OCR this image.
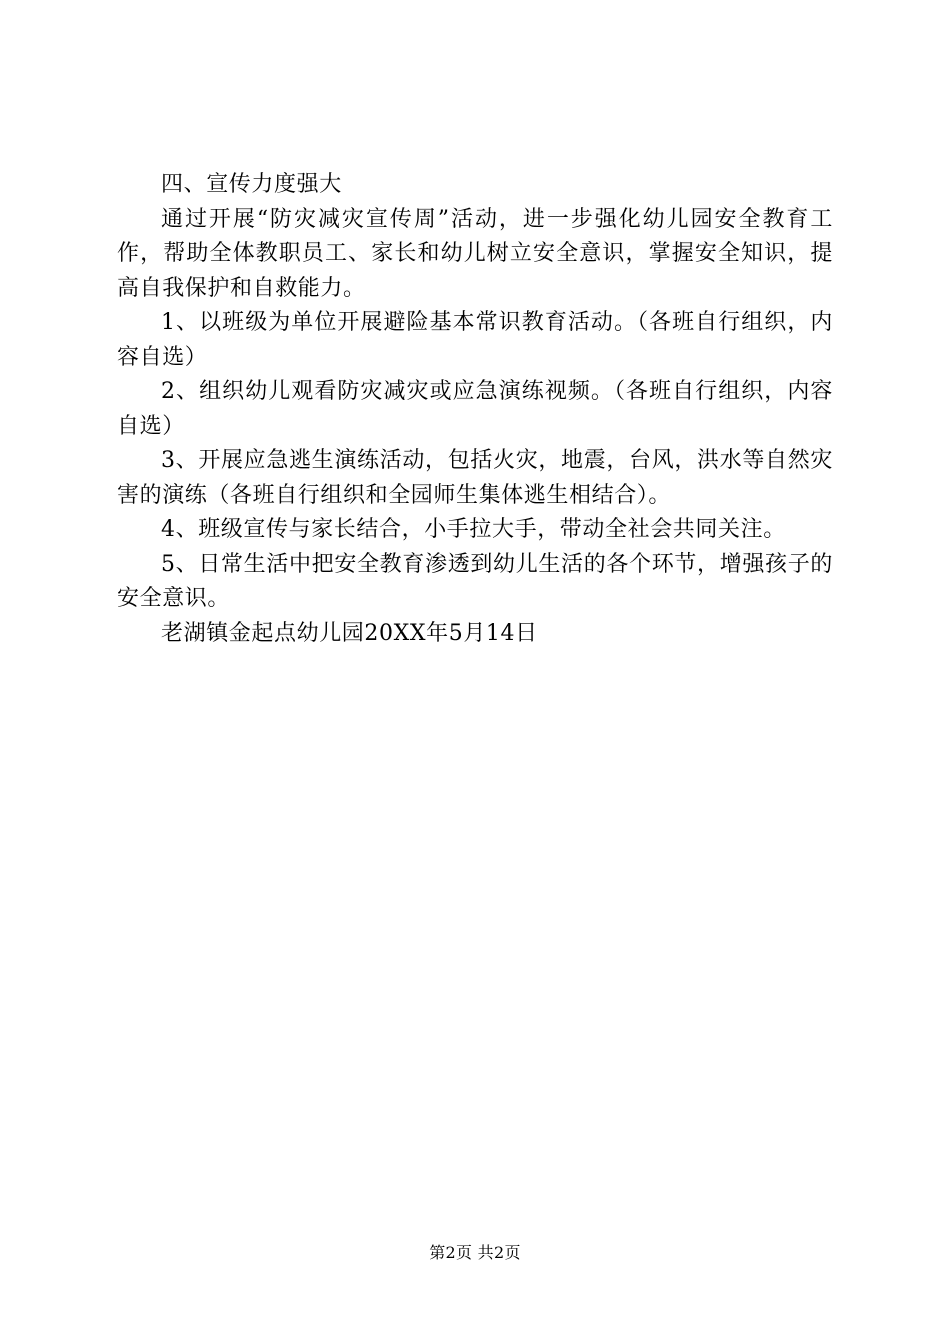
四、宣传力度强大

通过开展“防灾减灾宣传周”活动，进一步强化幼儿园安全教育工作，帮助全体教职员工、家长和幼儿树立安全意识，掌握安全知识，提高自我保护和自救能力。

1、以班级为单位开展避险基本常识教育活动。（各班自行组织，内容自选）

2、组织幼儿观看防灾减灾或应急演练视频。（各班自行组织，内容自选）

3、开展应急逃生演练活动，包括火灾，地震，台风，洪水等自然灾害的演练（各班自行组织和全园师生集体逃生相结合）。

4、班级宣传与家长结合，小手拉大手，带动全社会共同关注。

5、日常生活中把安全教育渗透到幼儿生活的各个环节，增强孩子的安全意识。

老湖镇金起点幼儿园20XX年5月14日

第2页 共2页
